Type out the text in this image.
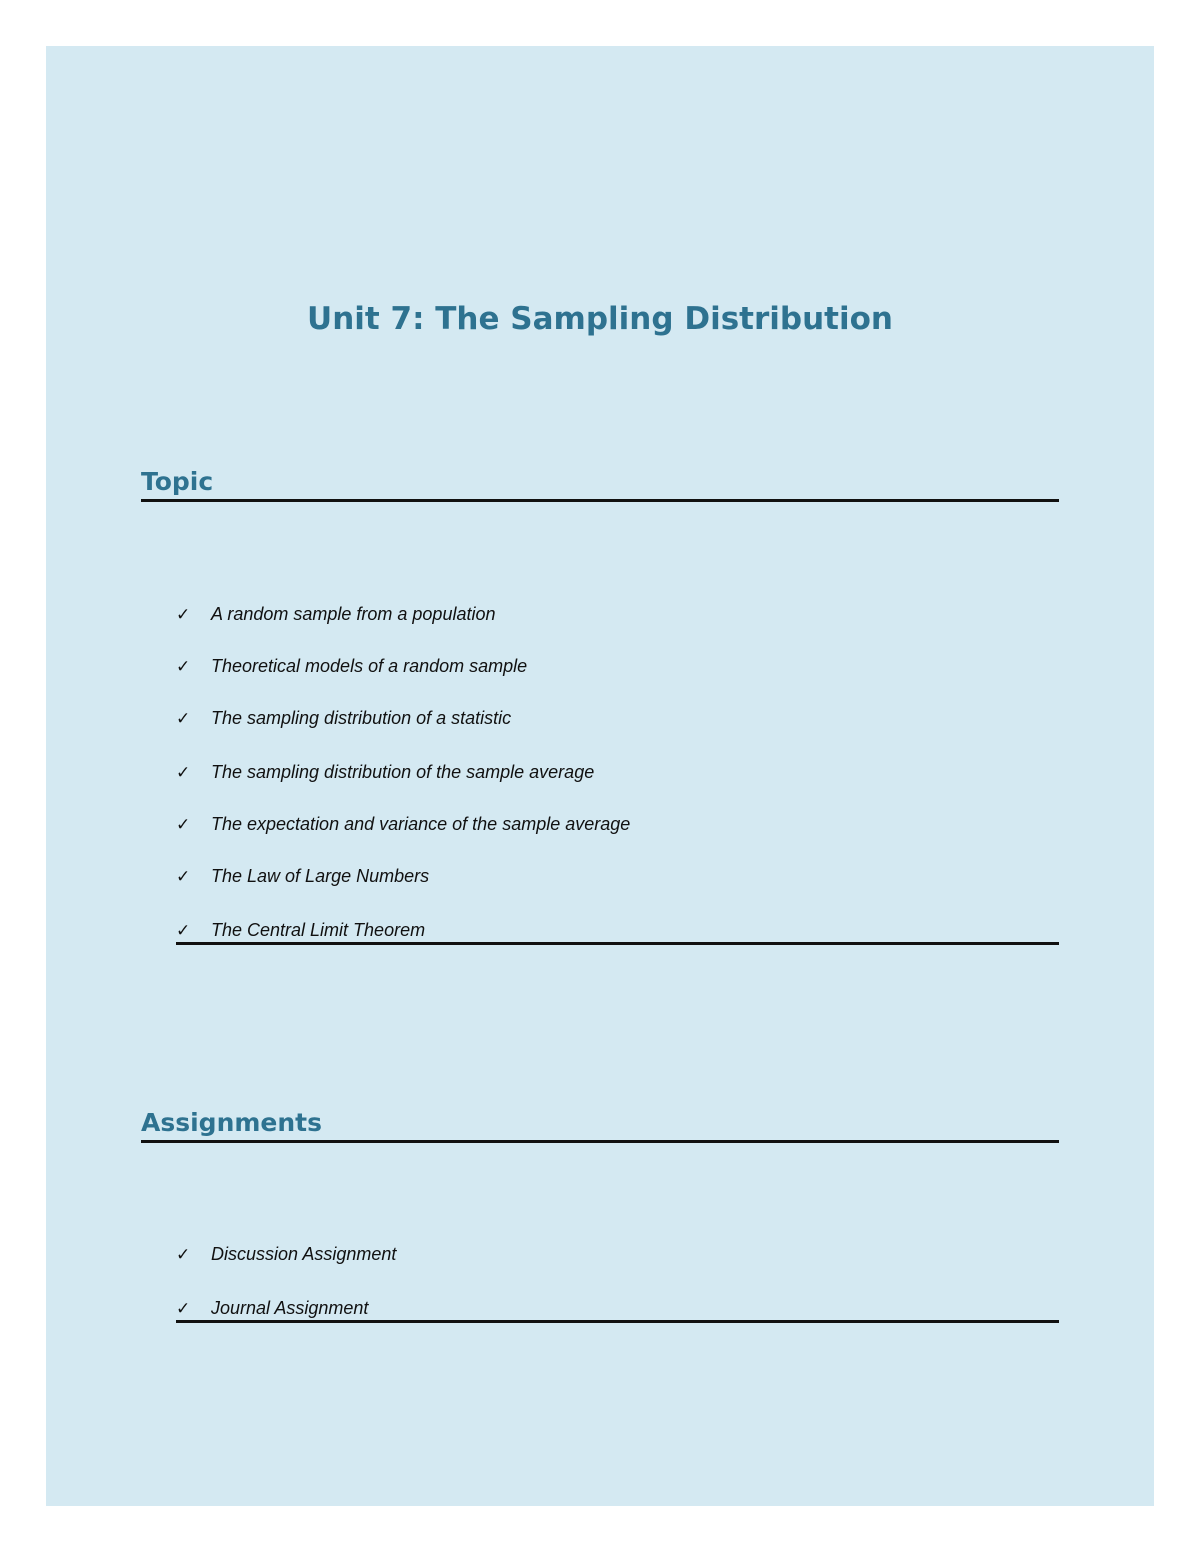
Unit 7: The Sampling Distribution
Topic
✓ A random sample from a population
✓ Theoretical models of a random sample
✓ The sampling distribution of a statistic
✓ The sampling distribution of the sample average
✓ The expectation and variance of the sample average
✓ The Law of Large Numbers
✓ The Central Limit Theorem
Assignments
✓ Discussion Assignment
✓ Journal Assignment
